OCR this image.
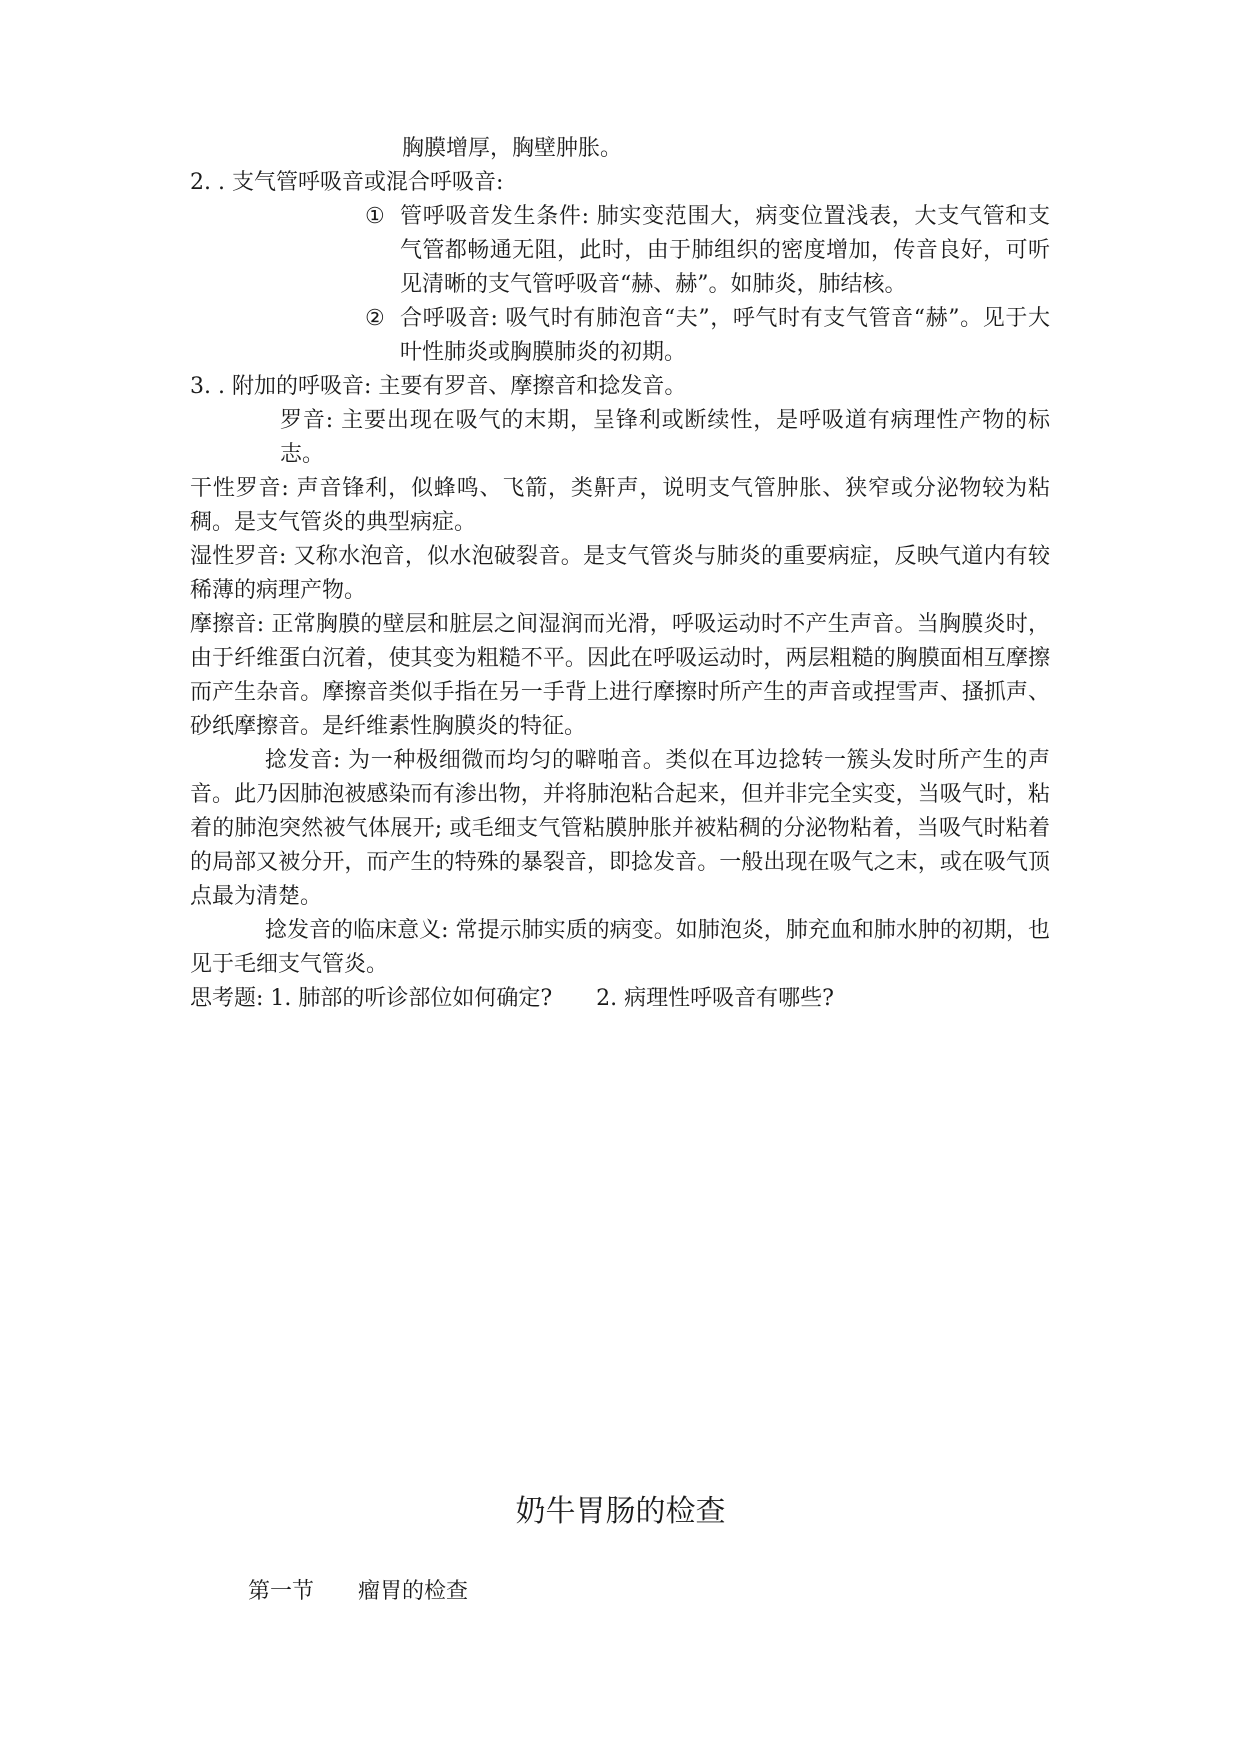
胸膜增厚，胸壁肿胀。
2. . 支气管呼吸音或混合呼吸音:
① 管呼吸音发生条件: 肺实变范围大，病变位置浅表，大支气管和支气管都畅通无阻，此时，由于肺组织的密度增加，传音良好，可听见清晰的支气管呼吸音“赫、赫”。如肺炎，肺结核。
② 合呼吸音: 吸气时有肺泡音“夫”，呼气时有支气管音“赫”。见于大叶性肺炎或胸膜肺炎的初期。
3. . 附加的呼吸音: 主要有罗音、摩擦音和捻发音。
罗音: 主要出现在吸气的末期，呈锋利或断续性，是呼吸道有病理性产物的标志。
干性罗音: 声音锋利，似蜂鸣、飞箭，类鼾声，说明支气管肿胀、狭窄或分泌物较为粘稠。是支气管炎的典型病症。
湿性罗音: 又称水泡音，似水泡破裂音。是支气管炎与肺炎的重要病症，反映气道内有较稀薄的病理产物。
摩擦音: 正常胸膜的壁层和脏层之间湿润而光滑，呼吸运动时不产生声音。当胸膜炎时，由于纤维蛋白沉着，使其变为粗糙不平。因此在呼吸运动时，两层粗糙的胸膜面相互摩擦而产生杂音。摩擦音类似手指在另一手背上进行摩擦时所产生的声音或捏雪声、搔抓声、砂纸摩擦音。是纤维素性胸膜炎的特征。
捻发音: 为一种极细微而均匀的噼啪音。类似在耳边捻转一簇头发时所产生的声音。此乃因肺泡被感染而有渗出物，并将肺泡粘合起来，但并非完全实变，当吸气时，粘着的肺泡突然被气体展开; 或毛细支气管粘膜肿胀并被粘稠的分泌物粘着，当吸气时粘着的局部又被分开，而产生的特殊的暴裂音，即捻发音。一般出现在吸气之末，或在吸气顶点最为清楚。
捻发音的临床意义: 常提示肺实质的病变。如肺泡炎，肺充血和肺水肿的初期，也见于毛细支气管炎。
思考题: 1. 肺部的听诊部位如何确定?　　2. 病理性呼吸音有哪些?
奶牛胃肠的检查
第一节　　瘤胃的检查
